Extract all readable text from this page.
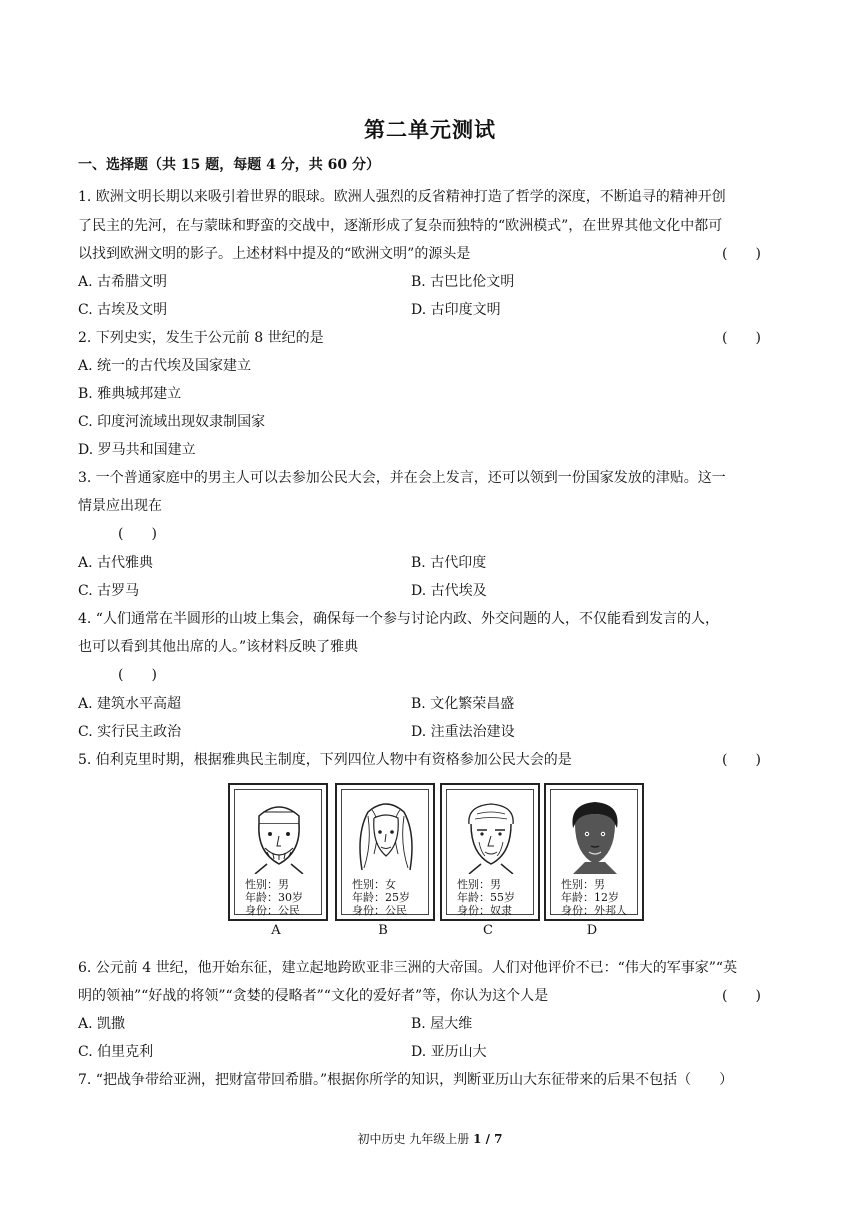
第二单元测试
一、选择题（共 15 题，每题 4 分，共 60 分）
1. 欧洲文明长期以来吸引着世界的眼球。欧洲人强烈的反省精神打造了哲学的深度，不断追寻的精神开创
了民主的先河，在与蒙昧和野蛮的交战中，逐渐形成了复杂而独特的“欧洲模式”，在世界其他文化中都可
以找到欧洲文明的影子。上述材料中提及的“欧洲文明”的源头是	(　　)
A. 古希腊文明	B. 古巴比伦文明
C. 古埃及文明	D. 古印度文明
2. 下列史实，发生于公元前 8 世纪的是	(　　)
A. 统一的古代埃及国家建立
B. 雅典城邦建立
C. 印度河流域出现奴隶制国家
D. 罗马共和国建立
3. 一个普通家庭中的男主人可以去参加公民大会，并在会上发言，还可以领到一份国家发放的津贴。这一
情景应出现在
(　　)
A. 古代雅典	B. 古代印度
C. 古罗马	D. 古代埃及
4. “人们通常在半圆形的山坡上集会，确保每一个参与讨论内政、外交问题的人，不仅能看到发言的人，
也可以看到其他出席的人。”该材料反映了雅典
(　　)
A. 建筑水平高超	B. 文化繁荣昌盛
C. 实行民主政治	D. 注重法治建设
5. 伯利克里时期，根据雅典民主制度，下列四位人物中有资格参加公民大会的是	(　　)
性别：男
年龄：30岁
身份：公民
A
性别：女
年龄：25岁
身份：公民
B
性别：男
年龄：55岁
身份：奴隶
C
性别：男
年龄：12岁
身份：外邦人
D
6. 公元前 4 世纪，他开始东征，建立起地跨欧亚非三洲的大帝国。人们对他评价不已：“伟大的军事家”“英
明的领袖”“好战的将领”“贪婪的侵略者”“文化的爱好者”等，你认为这个人是	(　　)
A. 凯撒	B. 屋大维
C. 伯里克利	D. 亚历山大
7. “把战争带给亚洲，把财富带回希腊。”根据你所学的知识，判断亚历山大东征带来的后果不包括（　　）
初中历史 九年级上册 1 / 7
